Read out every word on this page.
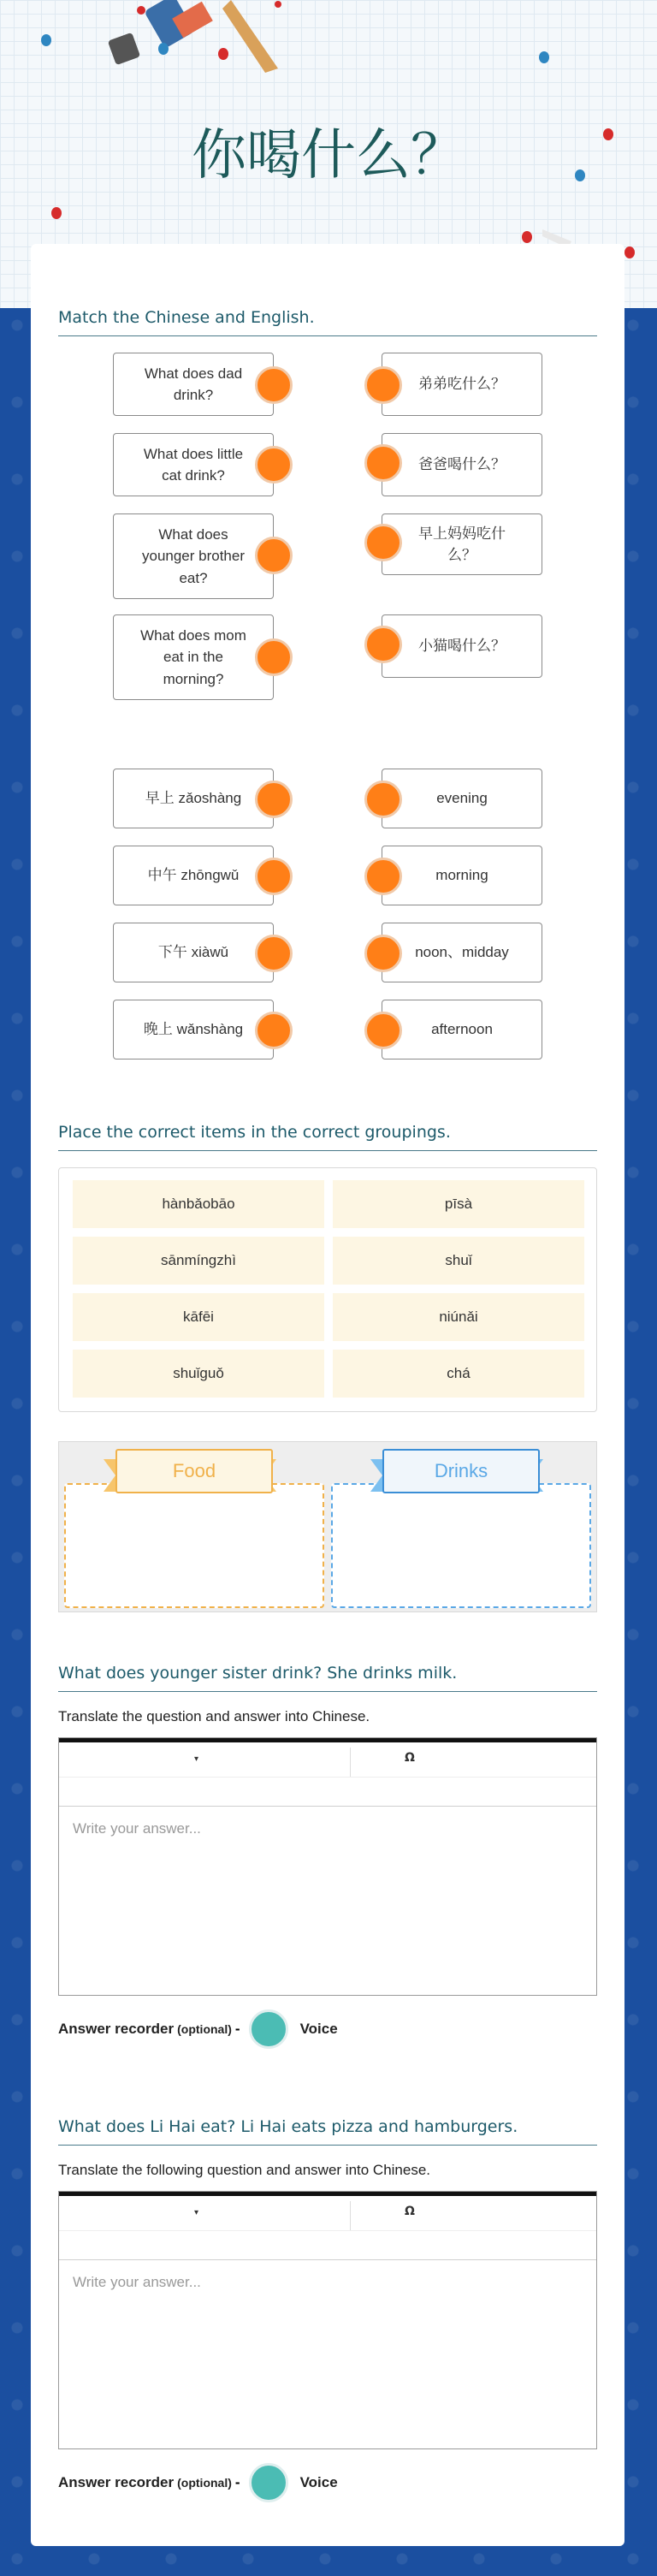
你喝什么？
Match the Chinese and English.
What does dad drink?
What does little cat drink?
What does younger brother eat?
What does mom eat in the morning?
弟弟吃什么？
爸爸喝什么？
早上妈妈吃什么？
小猫喝什么？
早上 zǎoshàng
中午 zhōngwǔ
下午 xiàwǔ
晚上 wǎnshàng
evening
morning
noon、midday
afternoon
Place the correct items in the correct groupings.
hànbǎobāo	pīsà
sānmíngzhì	shuǐ
kāfēi	niúnǎi
shuǐguǒ	chá
Food	Drinks
What does younger sister drink? She drinks milk.
Translate the question and answer into Chinese.
▾	Ω
Write your answer...
Answer recorder (optional) -	Voice
What does Li Hai eat? Li Hai eats pizza and hamburgers.
Translate the following question and answer into Chinese.
▾	Ω
Write your answer...
Answer recorder (optional) -	Voice
